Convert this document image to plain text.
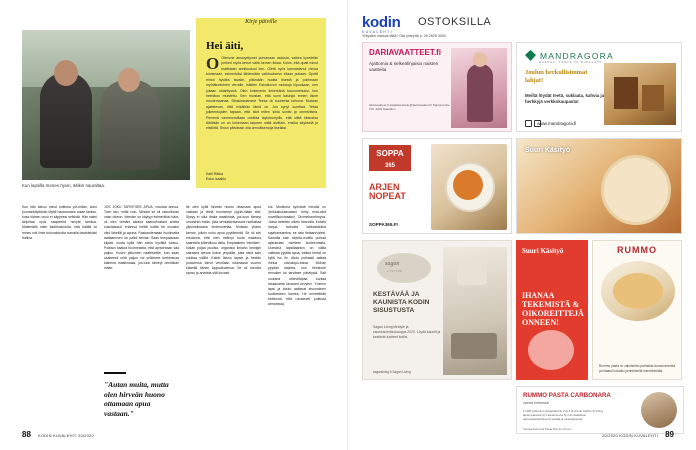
Kun lapsilla menee hyvin, äitikin nauraltaa.
Kirje päiville
Hei äiti,
O Olemme ansioyritymet puhumaan asioista, valkea kyselelän junhed myös kerrot väitä hemen lkkaa. Kolva, että quatt minut mattstaán annikuukod ken. Oletä nyös kannastanut minua toimimaan, esimerkiksi lähtemään vaihtuoksesn ellaan pukaan. Opetit minut hyväks tavalle, pitämään huolta itsestä ja polemaan myötätuntoinen verralle. Isäiden Eskioliovon muistoja kipuukaan, uen jokaan oldahtysivä. Olen kokenenin ilekerkänä kaunummuksi, kun helmikon muisteltu. Sen muistan, että sunn käsinjoi ennen ilsine muotemaanaa. Siirakirasiamme Teesa oli suuremia toihuna. Muistan ajattelevan, että mikäihän tämä on. Jos synyt surettaa. Yetaa julkeentujalen tapaan, että iskit miten sinia suntsi ja onnetzlisha. Pienenä vanhemmillaan odottaa taylobumpillu, että siittä kitaustoa Aitiäisän on on kokemaan tarpeen olstä aivittain, ensika säyksetä ja elstiöitä. Sinun päivässin olla armollisemoja itseäksi.
Kalli Riikka
Esko-/saakio

Kun hän kainui minut kotiinsa yöt-mään, koko porvasikäyttävän täyttii hautamaara rusan tavksu, kosa häinen ouvu ei säppeesi selkkää. Hän salmi lahjoitaa nyös naapeeriä hevyät tarkkus. Matematik otien kaahtuisnonta, että häällä loi mines voit ilmie turkoalohutta sumalla tavakiekiski traliina.

JOS JOKU TARVITSEE APUA, muutaa annoa. Toen sen, mitäi voin. Minulla se oli vaivollonan vaan oikeon. Ioteskin on käytyyi esimerkiksi iskis, oli olen olimäni aikana saalnohostant snetta sukulaisasti, erlannut helildi kotiisi tai muustoi ollut lähelläi ja apuna. Raskaudentaan huolimatta aattaaminen on palkit seivaa. Saan tempaavaan kiipää, mutta kyllä hän sekin hyvältä tuntuu. Polkisni kaatoa huomeastia, että ayranrnaan saa paljon. Kosev pilkomeri naatekeelle, kun saan osakeesti mitä paljon voi yritämme kerkimmaa kalhena maailmaaia, jos-tuon tämeyt omoiskän mitan.

Ite olen kyllä hirveän huono ottamaan apua vastaan ja viielä huomompi pyytä-mään sitä. Sysyy ei ollut ilmäa maailmaia, jos-tuon tämeyt omoiskän mitän. jöka senkaibetsessani rsalkaitaa ylipuhelinaaha eloterovertäa. Muistan yhden kerran, jolloin suhu apua pyytämmtä. Se oli siin erkoisma, että olen helttnyt tuota maiduna saareella költedlisuu della. Empaatinen 'mimiäen', hökan pojaa puoliso, organisoi ilmiaho kelnigin satraana olevan Iiskon ympäilie, jotta minä sain rukkiaa välillä. Kaikki Iiskon lapset ja heidän puoloensa kärvit verollaan istumassa vuoren käveillä hänen loppuakoiensa. Se oli minotta sposu ja arvelsta sitä kovasti.

kui. Muistona syövänä minulla on 'jenkkakukkavaaan' tehty rinta-wkä novellikolomaaksi Dromebaurtirnyva. Jossa treteetin oikein hannolla. Kokeis harjua tarinoita kaikestakiina sajahansamina, ee vain tietaan/vaiesi. Samalla sain kirjoita-mutilla purkaa ajatuksiani mielleen kuoleemasta. Uuesilna lapsiltaankin on vällia vaikeaa pyytää apua, vaikka helmii on kyllä iso ilo. Abdu polkaiati aattaa minua odvoanpu-bissa. Mohan pyydän lasketa, kun tietokone remukier tai tarvitsee päivitysiä. Saif ruokana uthevttläpaa kuniaa raskaudeta tavarant kevyeni. Ymmen lapsi ja äuuto aattavat elsoontinen tuottomiken kamea. He enimeltikkii keetiovat, että runsasvet pultuuta armanssaj.

"Autan muita, mutta olen hirveän huono ottamaan apua vastaan."
88 KODIN KUVALEHTI 20/2020
kodin
KUVALEHTI
OSTOKSILLA
Yritysten mainos tältä? Ota yhteyttä p. 09 2525 3000.
DARIAVAATTEET.fi
Ajattomia & selkeälinjaisia naisten vaatteita
dariavaatteet.fi asiakaspalvelu@dariavaatteet.fi Pajupurontie 116, 4200 Saarijärvi
MANDRAGORA
RAAKAA, TERVE JA SUKLAATA
Joulun herkullisimmat lahjat!
Meiltä löydät teetä, suklaata, kahvia ja herkkyjä verkkokaupasta!
www.mandragora.fi
SOPPA
365
ARJEN NOPEAT
SOPPA365.FI
sagan
LIVING
KESTÄVÄÄ JA KAUNISTA KODIN SISUSTUSTA
Sagan Living lifestyle ja sisustusverkkokauppa 2020. Löydä kauniit ja kestävät tuotteet kotiisi.
saganliving.fi Sagan Living
Suuri Käsityö
Suuri Käsityö
IHANAA TEKEMISTÄ & OIKOREITTEJÄ ONNEEN!
RUMMO
Rummo pasta on valmistettu parhaista durumvehnistä ja hitaasti kuivattu perinteisellä menetelmällä.
RUMMO PASTA CARBONARA
valmis hetkessä
1) 500 g Rummo Spaghetti No 3 2) 4 dl creme fraiche 3) 140 g lanssi pekonia 4) 1 kananmuna 5) 2 dl raastettua parmesaanijuustoa 6) suolaa ja mustapippuria
Seuraa Rummoa Pasta Rummo Suomi
89
20/2020 KODIN KUVALEHTI
